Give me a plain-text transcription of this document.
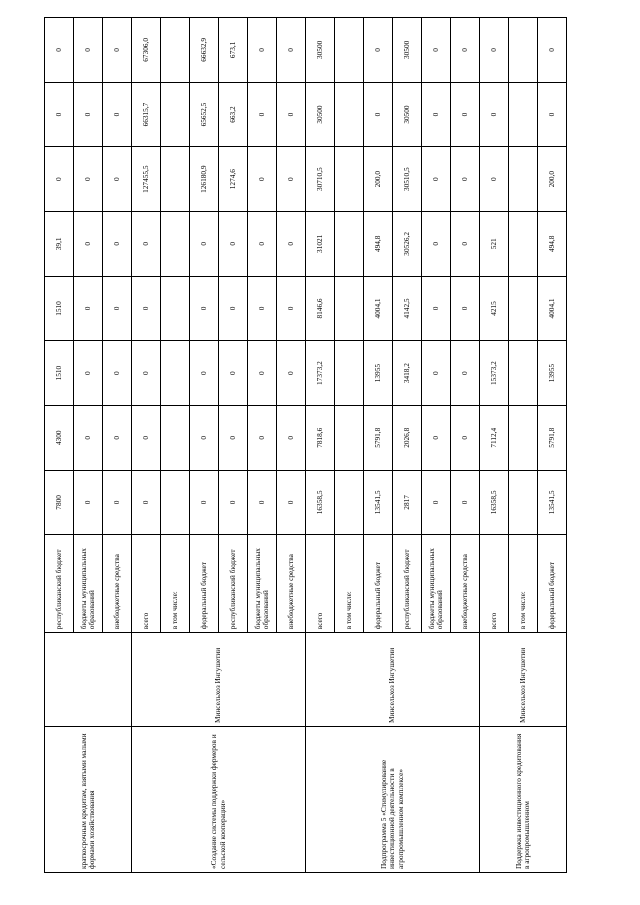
краткосрочным кредитам, взятыми малыми формами хозяйствования		республиканский бюджет	7800	4300	1510	1510	39,1	0	0	0
		бюджеты муниципальных образований	0	0	0	0	0	0	0	0
		внебюджетные средства	0	0	0	0	0	0	0	0
«Создание системы поддержки фермеров и сельской кооперации»	Минсельхоз Ингушетии	всего	0	0	0	0	0	127455,5	66315,7	67306,0
		в том числе:								
		федеральный бюджет	0	0	0	0	0	126180,9	65652,5	66632,9
		республиканский бюджет	0	0	0	0	0	1274,6	663,2	673,1
		бюджеты муниципальных образований	0	0	0	0	0	0	0	0
		внебюджетные средства	0	0	0	0	0	0	0	0
Подпрограмма 5 «Стимулирование инвестиционной деятельности в агропромышленном комплексе»	Минсельхоз Ингушетии	всего	16358,5	7818,6	17373,2	8146,6	31021	30710,5	30500	30500
		в том числе:								
		федеральный бюджет	13541,5	5791,8	13955	4004,1	494,8	200,0	0	0
		республиканский бюджет	2817	2026,8	3418,2	4142,5	30526,2	30510,5	30500	30500
		бюджеты муниципальных образований	0	0	0	0	0	0	0	0
		внебюджетные средства	0	0	0	0	0	0	0	0
Поддержка инвестиционного кредитования в агропромышленном	Минсельхоз Ингушетии	всего	16358,5	7112,4	15373,2	4215	521	0	0	0
		в том числе:								
		федеральный бюджет	13541,5	5791,8	13955	4004,1	494,8	200,0	0	0
